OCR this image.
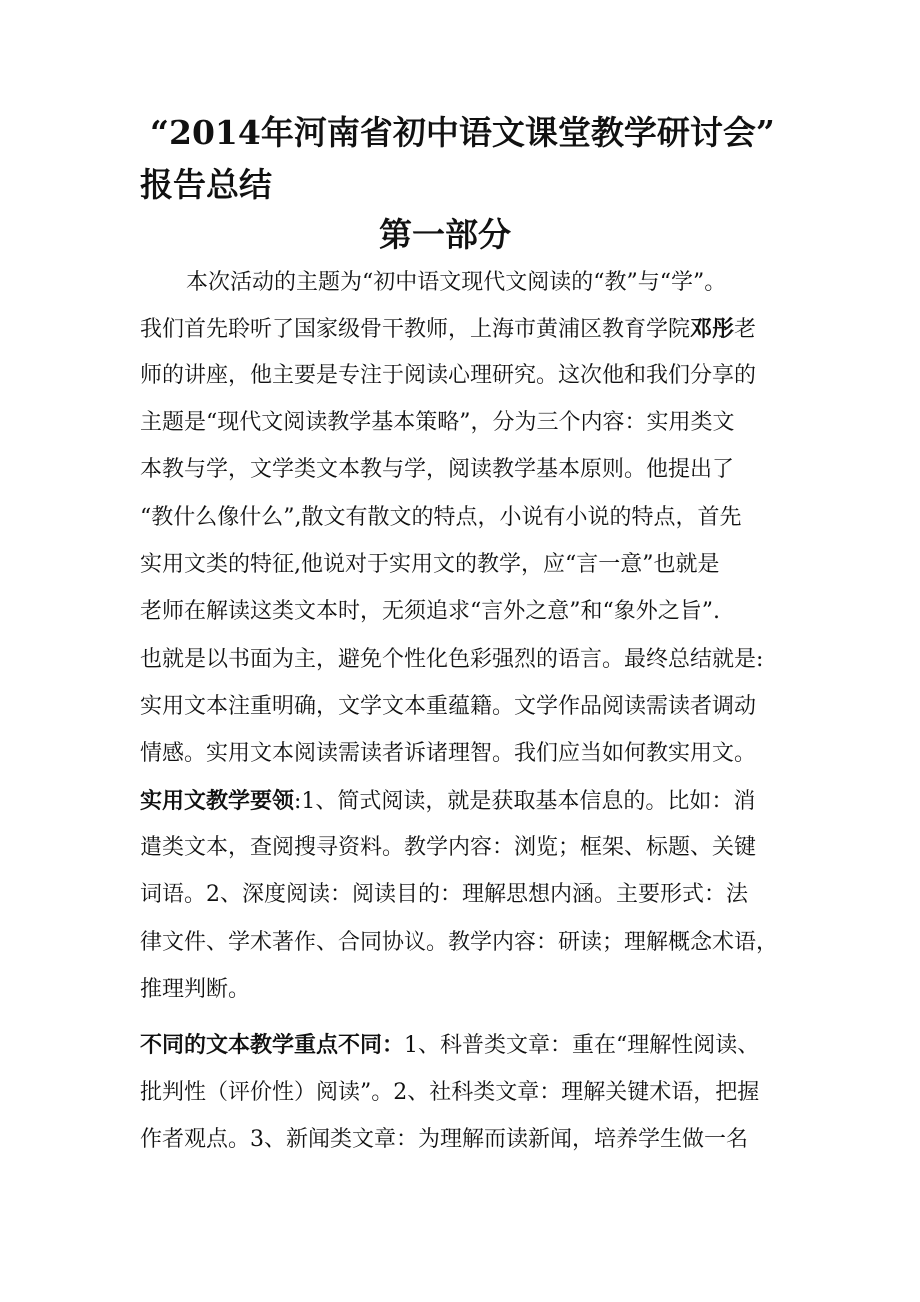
“2014年河南省初中语文课堂教学研讨会”
报告总结
第一部分
本次活动的主题为“初中语文现代文阅读的“教”与“学”。
我们首先聆听了国家级骨干教师，上海市黄浦区教育学院邓彤老
师的讲座，他主要是专注于阅读心理研究。这次他和我们分享的
主题是“现代文阅读教学基本策略”，分为三个内容：实用类文
本教与学，文学类文本教与学，阅读教学基本原则。他提出了
“教什么像什么”,散文有散文的特点，小说有小说的特点，首先
实用文类的特征,他说对于实用文的教学，应“言一意”也就是
老师在解读这类文本时，无须追求“言外之意”和“象外之旨”.
也就是以书面为主，避免个性化色彩强烈的语言。最终总结就是:
实用文本注重明确，文学文本重蕴籍。文学作品阅读需读者调动
情感。实用文本阅读需读者诉诸理智。我们应当如何教实用文。
实用文教学要领:1、简式阅读，就是获取基本信息的。比如：消
遣类文本，查阅搜寻资料。教学内容：浏览；框架、标题、关键
词语。2、深度阅读：阅读目的：理解思想内涵。主要形式：法
律文件、学术著作、合同协议。教学内容：研读；理解概念术语，
推理判断。
不同的文本教学重点不同：1、科普类文章：重在“理解性阅读、
批判性（评价性）阅读”。2、社科类文章：理解关键术语，把握
作者观点。3、新闻类文章：为理解而读新闻，培养学生做一名
